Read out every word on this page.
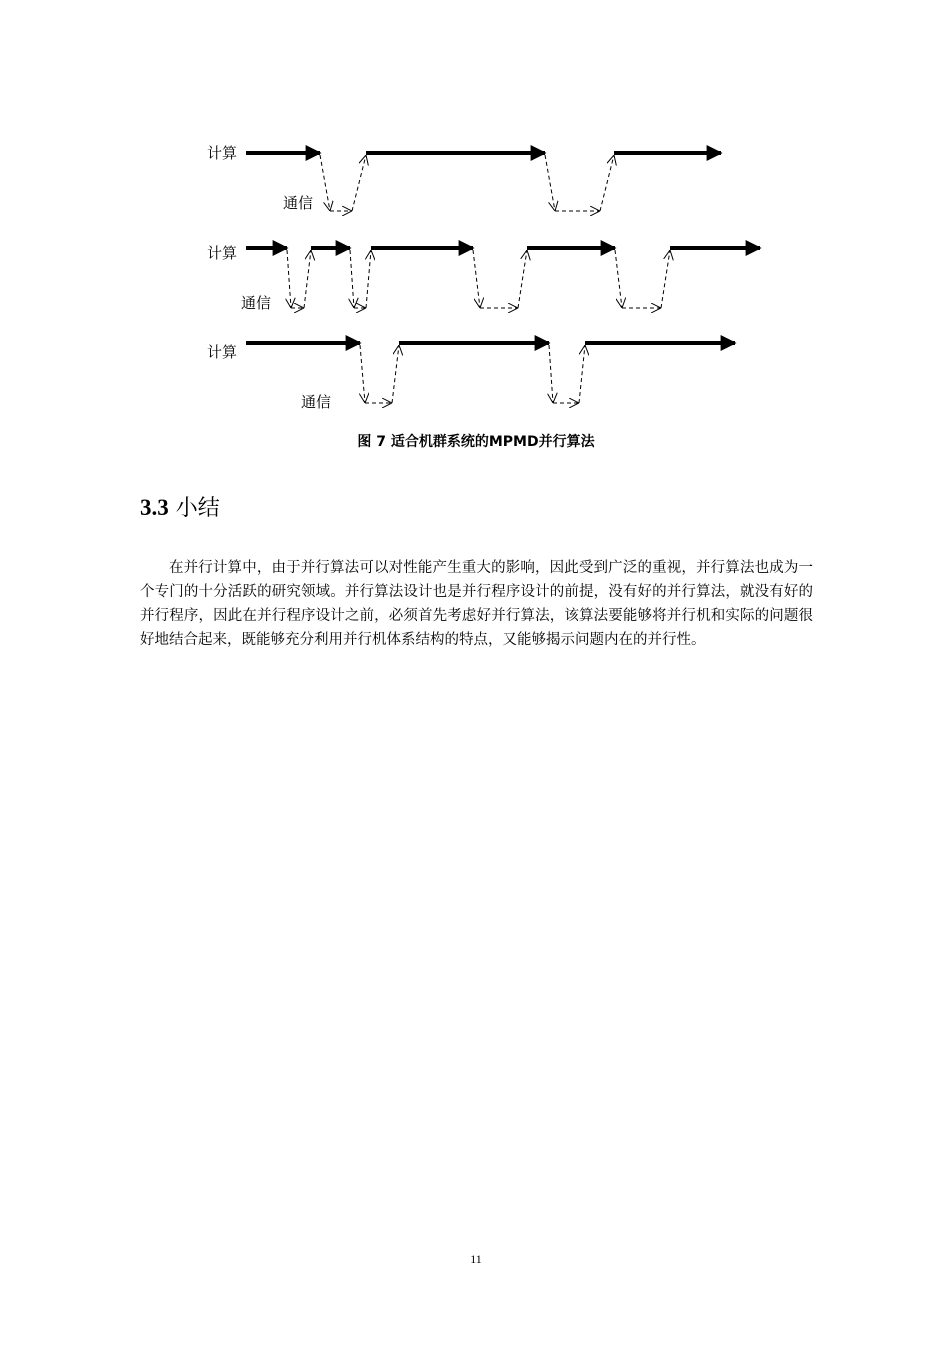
计算
通信
计算
通信
计算
通信
图 7 适合机群系统的MPMD并行算法
3.3 小结

在并行计算中，由于并行算法可以对性能产生重大的影响，因此受到广泛的重视，并行算法也成为一个专门的十分活跃的研究领域。并行算法设计也是并行程序设计的前提，没有好的并行算法，就没有好的并行程序，因此在并行程序设计之前，必须首先考虑好并行算法，该算法要能够将并行机和实际的问题很好地结合起来，既能够充分利用并行机体系结构的特点，又能够揭示问题内在的并行性。

11
